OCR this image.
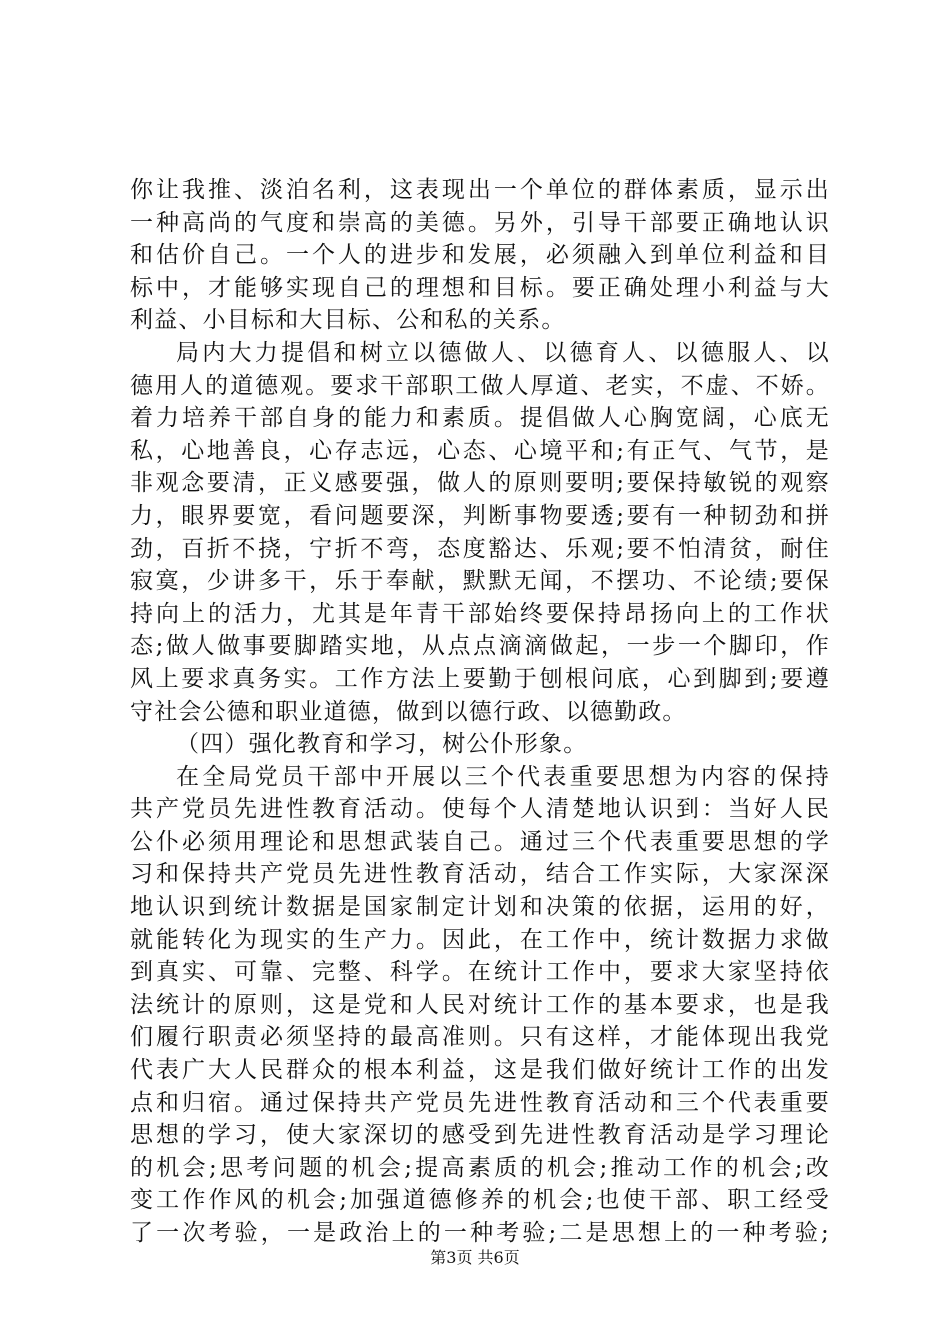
你让我推、淡泊名利，这表现出一个单位的群体素质，显示出
一种高尚的气度和崇高的美德。另外，引导干部要正确地认识
和估价自己。一个人的进步和发展，必须融入到单位利益和目
标中，才能够实现自己的理想和目标。要正确处理小利益与大
利益、小目标和大目标、公和私的关系。
局内大力提倡和树立以德做人、以德育人、以德服人、以
德用人的道德观。要求干部职工做人厚道、老实，不虚、不娇。
着力培养干部自身的能力和素质。提倡做人心胸宽阔，心底无
私，心地善良，心存志远，心态、心境平和;有正气、气节，是
非观念要清，正义感要强，做人的原则要明;要保持敏锐的观察
力，眼界要宽，看问题要深，判断事物要透;要有一种韧劲和拼
劲，百折不挠，宁折不弯，态度豁达、乐观;要不怕清贫，耐住
寂寞，少讲多干，乐于奉献，默默无闻，不摆功、不论绩;要保
持向上的活力，尤其是年青干部始终要保持昂扬向上的工作状
态;做人做事要脚踏实地，从点点滴滴做起，一步一个脚印，作
风上要求真务实。工作方法上要勤于刨根问底，心到脚到;要遵
守社会公德和职业道德，做到以德行政、以德勤政。
（四）强化教育和学习，树公仆形象。
在全局党员干部中开展以三个代表重要思想为内容的保持
共产党员先进性教育活动。使每个人清楚地认识到：当好人民
公仆必须用理论和思想武装自己。通过三个代表重要思想的学
习和保持共产党员先进性教育活动，结合工作实际，大家深深
地认识到统计数据是国家制定计划和决策的依据，运用的好，
就能转化为现实的生产力。因此，在工作中，统计数据力求做
到真实、可靠、完整、科学。在统计工作中，要求大家坚持依
法统计的原则，这是党和人民对统计工作的基本要求，也是我
们履行职责必须坚持的最高准则。只有这样，才能体现出我党
代表广大人民群众的根本利益，这是我们做好统计工作的出发
点和归宿。通过保持共产党员先进性教育活动和三个代表重要
思想的学习，使大家深切的感受到先进性教育活动是学习理论
的机会;思考问题的机会;提高素质的机会;推动工作的机会;改
变工作作风的机会;加强道德修养的机会;也使干部、职工经受
了一次考验，一是政治上的一种考验;二是思想上的一种考验;
第3页 共6页
